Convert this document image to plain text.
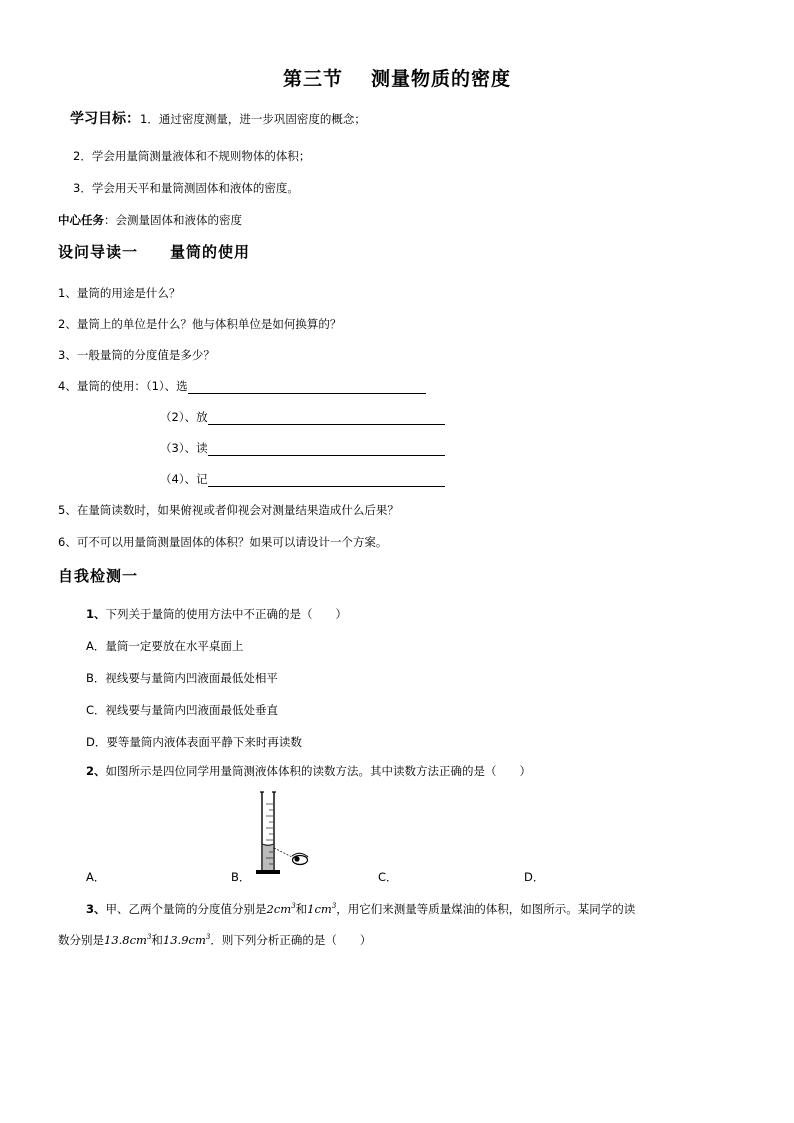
第三节 测量物质的密度
学习目标：1．通过密度测量，进一步巩固密度的概念；
2．学会用量筒测量液体和不规则物体的体积；
3．学会用天平和量筒测固体和液体的密度。
中心任务：会测量固体和液体的密度
设问导读一　　量筒的使用
1、量筒的用途是什么？
2、量筒上的单位是什么？他与体积单位是如何换算的？
3、一般量筒的分度值是多少？
4、量筒的使用：（1）、选
（2）、放
（3）、读
（4）、记
5、在量筒读数时，如果俯视或者仰视会对测量结果造成什么后果？
6、可不可以用量筒测量固体的体积？如果可以请设计一个方案。
自我检测一
1、下列关于量筒的使用方法中不正确的是（　　）
A．量筒一定要放在水平桌面上
B．视线要与量筒内凹液面最低处相平
C．视线要与量筒内凹液面最低处垂直
D．要等量筒内液体表面平静下来时再读数
2、如图所示是四位同学用量筒测液体体积的读数方法。其中读数方法正确的是（　　）
A．	B．	C．	D．
3、甲、乙两个量筒的分度值分别是$2cm^3$和$1cm^3$，用它们来测量等质量煤油的体积，如图所示。某同学的读
数分别是$13.8cm^3$和$13.9cm^3$．则下列分析正确的是（　　）
